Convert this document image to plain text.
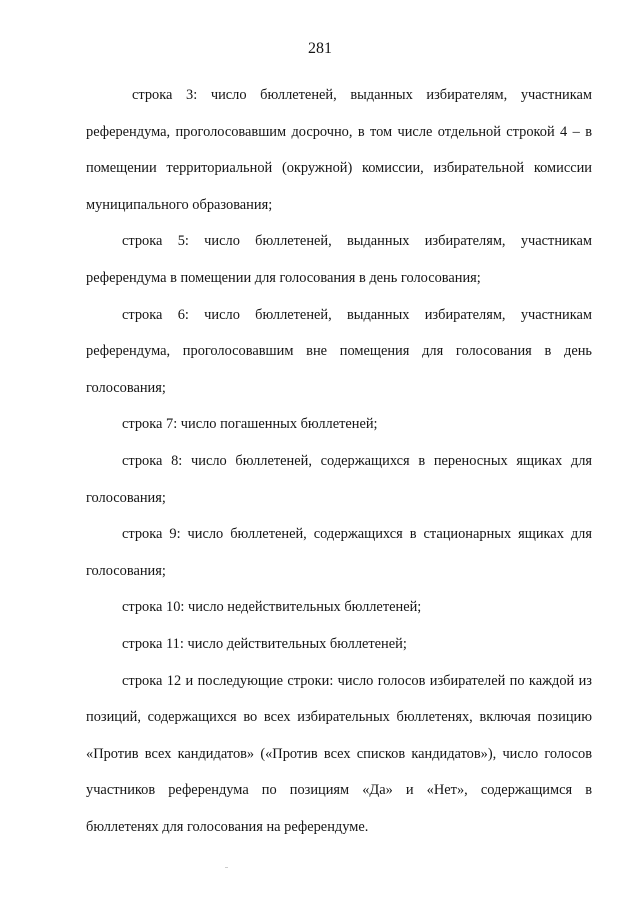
281

строка 3: число бюллетеней, выданных избирателям, участникам референдума, проголосовавшим досрочно, в том числе отдельной строкой 4 – в помещении территориальной (окружной) комиссии, избирательной комиссии муниципального образования;

строка 5: число бюллетеней, выданных избирателям, участникам референдума в помещении для голосования в день голосования;

строка 6: число бюллетеней, выданных избирателям, участникам референдума, проголосовавшим вне помещения для голосования в день голосования;

строка 7: число погашенных бюллетеней;

строка 8: число бюллетеней, содержащихся в переносных ящиках для голосования;

строка 9: число бюллетеней, содержащихся в стационарных ящиках для голосования;

строка 10: число недействительных бюллетеней;

строка 11: число действительных бюллетеней;

строка 12 и последующие строки: число голосов избирателей по каждой из позиций, содержащихся во всех избирательных бюллетенях, включая позицию «Против всех кандидатов» («Против всех списков кандидатов»), число голосов участников референдума по позициям «Да» и «Нет», содержащимся в бюллетенях для голосования на референдуме.
